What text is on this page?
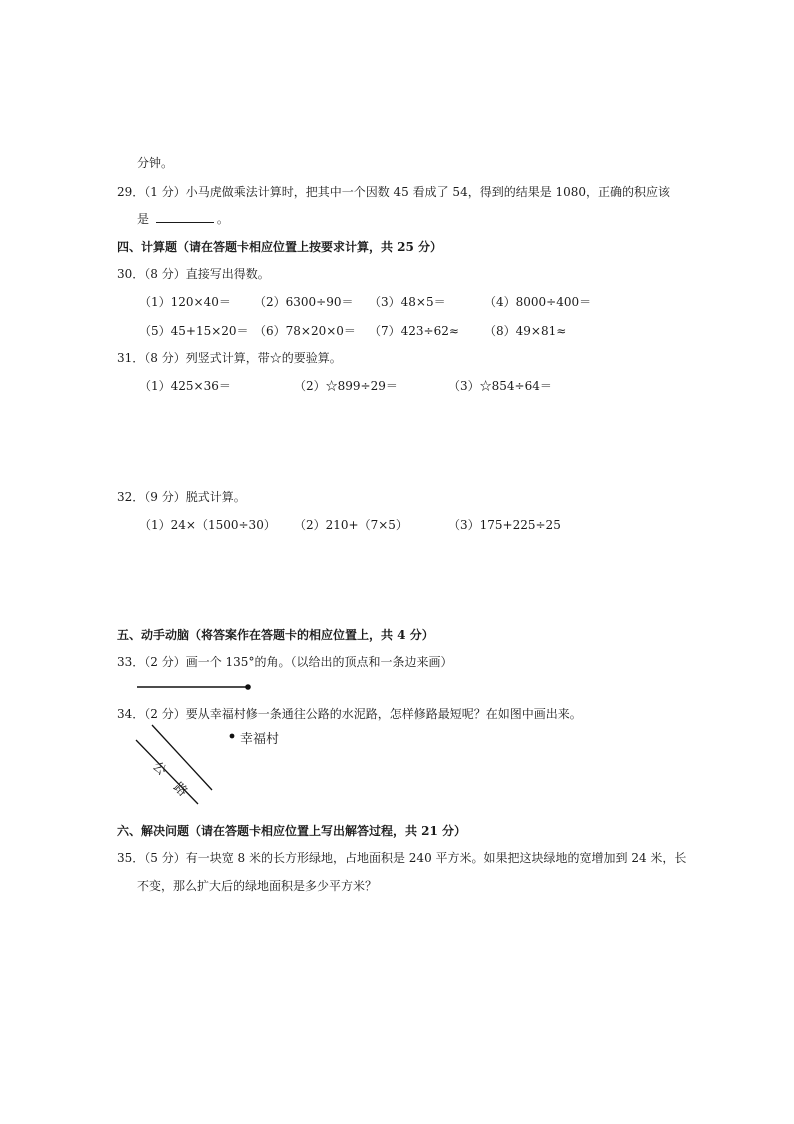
分钟。
29．（1 分）小马虎做乘法计算时，把其中一个因数 45 看成了 54，得到的结果是 1080，正确的积应该
是	。
四、计算题（请在答题卡相应位置上按要求计算，共 25 分）
30．（8 分）直接写出得数。
（1）120×40＝ （2）6300÷90＝ （3）48×5＝	（4）8000÷400＝
（5）45+15×20＝ （6）78×20×0＝ （7）423÷62≈ （8）49×81≈
31．（8 分）列竖式计算，带☆的要验算。
（1）425×36＝	（2）☆899÷29＝	（3）☆854÷64＝
32．（9 分）脱式计算。
（1）24×（1500÷30） （2）210+（7×5）	（3）175+225÷25
五、动手动脑（将答案作在答题卡的相应位置上，共 4 分）
33．（2 分）画一个 135°的角。（以给出的顶点和一条边来画）
34．（2 分）要从幸福村修一条通往公路的水泥路，怎样修路最短呢？在如图中画出来。
幸福村
公
路
六、解决问题（请在答题卡相应位置上写出解答过程，共 21 分）
35．（5 分）有一块宽 8 米的长方形绿地，占地面积是 240 平方米。如果把这块绿地的宽增加到 24 米，长
不变，那么扩大后的绿地面积是多少平方米？
